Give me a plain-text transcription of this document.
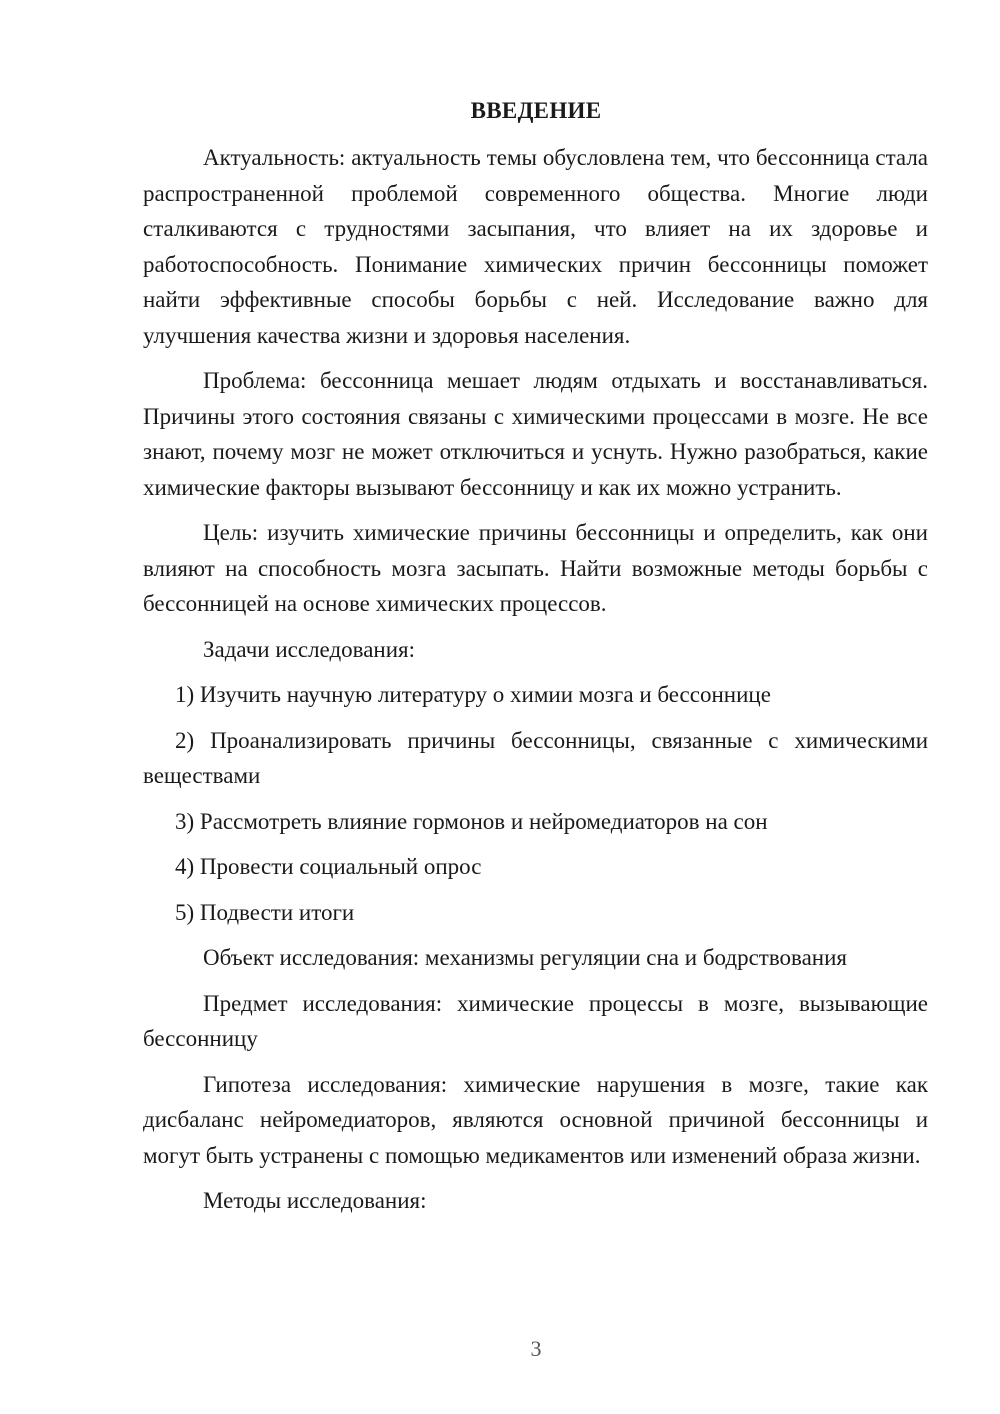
ВВЕДЕНИЕ

Актуальность: актуальность темы обусловлена тем, что бессонница стала распространенной проблемой современного общества. Многие люди сталкиваются с трудностями засыпания, что влияет на их здоровье и работоспособность. Понимание химических причин бессонницы поможет найти эффективные способы борьбы с ней. Исследование важно для улучшения качества жизни и здоровья населения.

Проблема: бессонница мешает людям отдыхать и восстанавливаться. Причины этого состояния связаны с химическими процессами в мозге. Не все знают, почему мозг не может отключиться и уснуть. Нужно разобраться, какие химические факторы вызывают бессонницу и как их можно устранить.

Цель: изучить химические причины бессонницы и определить, как они влияют на способность мозга засыпать. Найти возможные методы борьбы с бессонницей на основе химических процессов.

Задачи исследования:

1) Изучить научную литературу о химии мозга и бессоннице

2) Проанализировать причины бессонницы, связанные с химическими веществами

3) Рассмотреть влияние гормонов и нейромедиаторов на сон

4) Провести социальный опрос

5) Подвести итоги

Объект исследования: механизмы регуляции сна и бодрствования

Предмет исследования: химические процессы в мозге, вызывающие бессонницу

Гипотеза исследования: химические нарушения в мозге, такие как дисбаланс нейромедиаторов, являются основной причиной бессонницы и могут быть устранены с помощью медикаментов или изменений образа жизни.

Методы исследования:

3
